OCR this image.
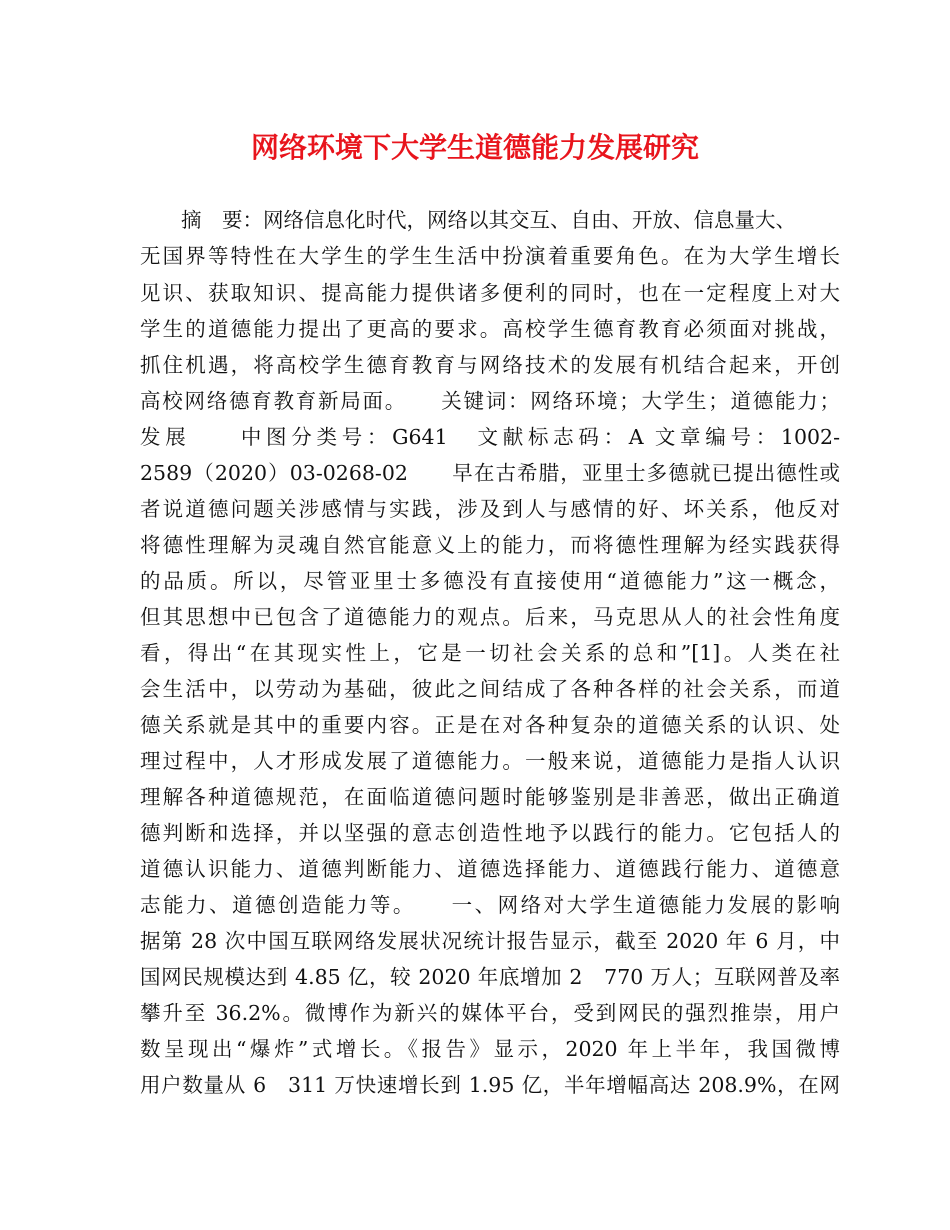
网络环境下大学生道德能力发展研究

　　摘　要：网络信息化时代，网络以其交互、自由、开放、信息量大、

无国界等特性在大学生的学生生活中扮演着重要角色。在为大学生增长

见识、获取知识、提高能力提供诸多便利的同时，也在一定程度上对大

学生的道德能力提出了更高的要求。高校学生德育教育必须面对挑战，

抓住机遇，将高校学生德育教育与网络技术的发展有机结合起来，开创

高校网络德育教育新局面。　　关键词：网络环境；大学生；道德能力；

发展　　中图分类号：G641　文献标志码：A 文章编号：1002-

2589（2020）03-0268-02　　早在古希腊，亚里士多德就已提出德性或

者说道德问题关涉感情与实践，涉及到人与感情的好、坏关系，他反对

将德性理解为灵魂自然官能意义上的能力，而将德性理解为经实践获得

的品质。所以，尽管亚里士多德没有直接使用“道德能力”这一概念，

但其思想中已包含了道德能力的观点。后来，马克思从人的社会性角度

看，得出“在其现实性上，它是一切社会关系的总和”[1]。人类在社

会生活中，以劳动为基础，彼此之间结成了各种各样的社会关系，而道

德关系就是其中的重要内容。正是在对各种复杂的道德关系的认识、处

理过程中，人才形成发展了道德能力。一般来说，道德能力是指人认识

理解各种道德规范，在面临道德问题时能够鉴别是非善恶，做出正确道

德判断和选择，并以坚强的意志创造性地予以践行的能力。它包括人的

道德认识能力、道德判断能力、道德选择能力、道德践行能力、道德意

志能力、道德创造能力等。　　一、网络对大学生道德能力发展的影响

据第 28 次中国互联网络发展状况统计报告显示，截至 2020 年 6 月，中

国网民规模达到 4.85 亿，较 2020 年底增加 2　770 万人；互联网普及率

攀升至 36.2%。微博作为新兴的媒体平台，受到网民的强烈推崇，用户

数呈现出“爆炸”式增长。《报告》显示，2020 年上半年，我国微博

用户数量从 6　311 万快速增长到 1.95 亿，半年增幅高达 208.9%，在网
